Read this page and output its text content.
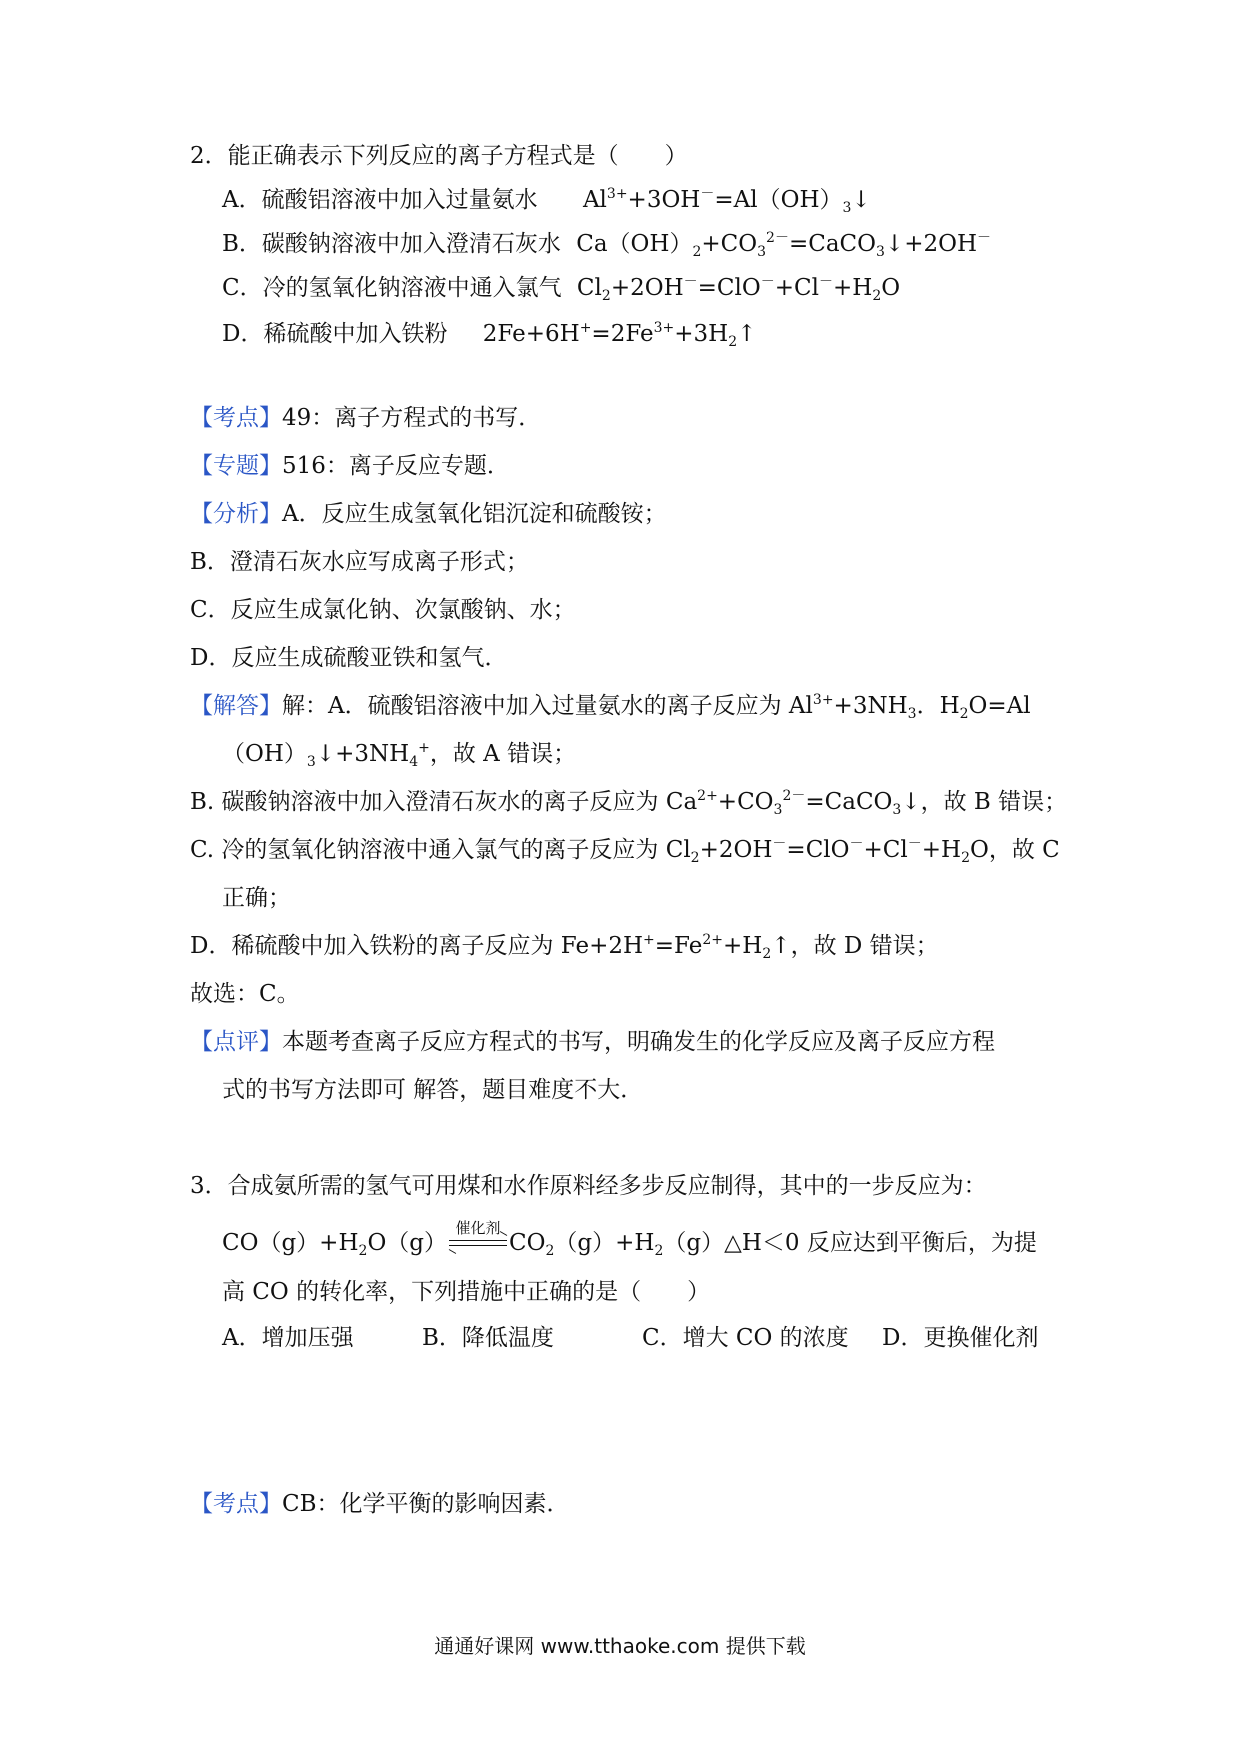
2．能正确表示下列反应的离子方程式是（　　）
A．硫酸铝溶液中加入过量氨水 $Al^{3+}+3OH^-=Al(OH)_3↓$
B．碳酸钠溶液中加入澄清石灰水 $Ca(OH)_2+CO_3^{2-}=CaCO_3↓+2OH^-$
C．冷的氢氧化钠溶液中通入氯气 $Cl_2+2OH^-=ClO^-+Cl^-+H_2O$
D．稀硫酸中加入铁粉 $2Fe+6H^+=2Fe^{3+}+3H_2↑$
【考点】49：离子方程式的书写．
【专题】516：离子反应专题．
【分析】A．反应生成氢氧化铝沉淀和硫酸铵；
B．澄清石灰水应写成离子形式；
C．反应生成氯化钠、次氯酸钠、水；
D．反应生成硫酸亚铁和氢气．
【解答】解：A．硫酸铝溶液中加入过量氨水的离子反应为 $Al^{3+}+3NH_3$．$H_2O=Al$
$(OH)_3↓+3NH_4^+$，故 A 错误；
B. 碳酸钠溶液中加入澄清石灰水的离子反应为 $Ca^{2+}+CO_3^{2-}=CaCO_3↓$，故 B 错误；
C. 冷的氢氧化钠溶液中通入氯气的离子反应为 $Cl_2+2OH^-=ClO^-+Cl^-+H_2O$，故 C
正确；
D．稀硫酸中加入铁粉的离子反应为 $Fe+2H^+=Fe^{2+}+H_2↑$，故 D 错误；
故选：C。
【点评】本题考查离子反应方程式的书写，明确发生的化学反应及离子反应方程
式的书写方法即可 解答，题目难度不大．
3．合成氨所需的氢气可用煤和水作原料经多步反应制得，其中的一步反应为：
$CO(g)+H_2O(g)$
催化剂
$CO_2(g)+H_2(g)\triangle H<0$ 反应达到平衡后，为提
高 CO 的转化率，下列措施中正确的是（　　）
A．增加压强	B．降低温度	C．增大 CO 的浓度 D．更换催化剂
【考点】CB：化学平衡的影响因素．
通通好课网 www.tthaoke.com 提供下载
